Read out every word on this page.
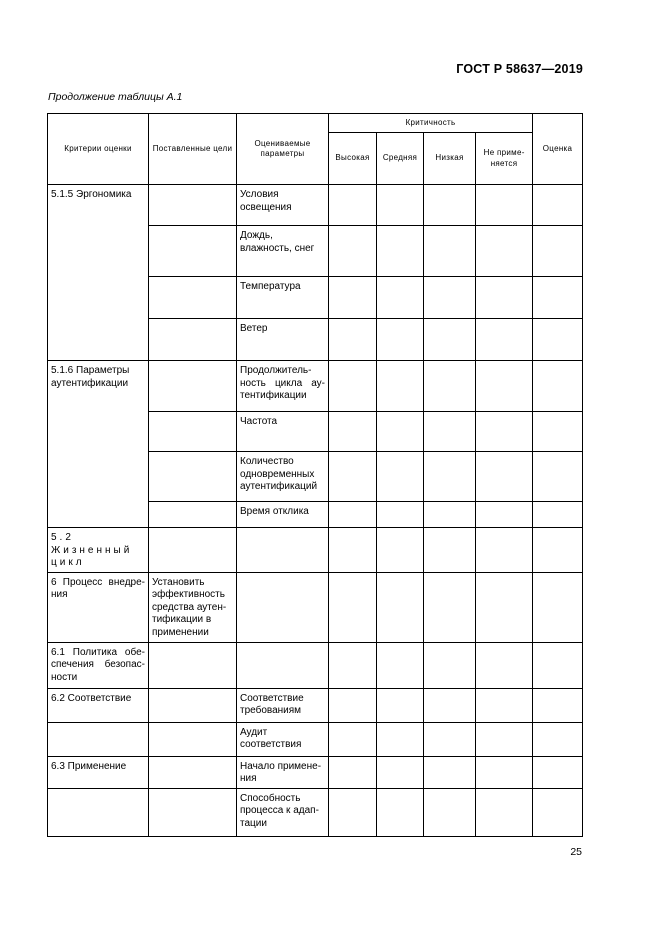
ГОСТ Р 58637—2019
Продолжение таблицы А.1
Критерии оценки	Поставленные цели	Оцениваемые параметры	Критичность				Оценка
			Высокая	Средняя	Низкая	Не применяется	

5.1.5 Эргономика		Условия освещения					

		Дождь, влажность, снег					

		Температура					

		Ветер					

5.1.6 Параметры аутентификации		Продолжительность цикла аутентификации					

		Частота					

		Количество одновременных аутентификаций					

		Время отклика					

5.2 Жизненный цикл							

6 Процесс внедрения	Установить эффективность средства аутентификации в применении						

6.1 Политика обеспечения безопасности							

6.2 Соответствие		Соответствие требованиям					

		Аудит соответствия					

6.3 Применение		Начало применения					

		Способность процесса к адаптации					

25
